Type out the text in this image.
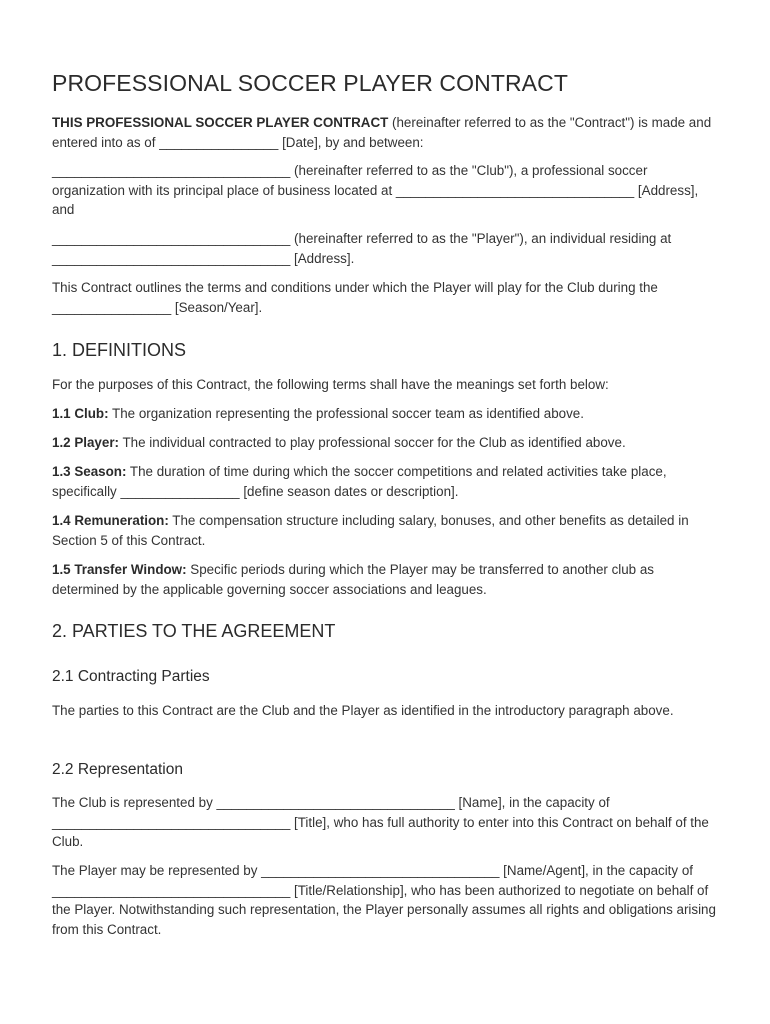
PROFESSIONAL SOCCER PLAYER CONTRACT

THIS PROFESSIONAL SOCCER PLAYER CONTRACT (hereinafter referred to as the "Contract") is made and entered into as of ________________ [Date], by and between:

________________________________ (hereinafter referred to as the "Club"), a professional soccer organization with its principal place of business located at ________________________________ [Address], and

________________________________ (hereinafter referred to as the "Player"), an individual residing at ________________________________ [Address].

This Contract outlines the terms and conditions under which the Player will play for the Club during the ________________ [Season/Year].

1. DEFINITIONS

For the purposes of this Contract, the following terms shall have the meanings set forth below:

1.1 Club: The organization representing the professional soccer team as identified above.

1.2 Player: The individual contracted to play professional soccer for the Club as identified above.

1.3 Season: The duration of time during which the soccer competitions and related activities take place, specifically ________________ [define season dates or description].

1.4 Remuneration: The compensation structure including salary, bonuses, and other benefits as detailed in Section 5 of this Contract.

1.5 Transfer Window: Specific periods during which the Player may be transferred to another club as determined by the applicable governing soccer associations and leagues.

2. PARTIES TO THE AGREEMENT
2.1 Contracting Parties

The parties to this Contract are the Club and the Player as identified in the introductory paragraph above.

2.2 Representation

The Club is represented by ________________________________ [Name], in the capacity of ________________________________ [Title], who has full authority to enter into this Contract on behalf of the Club.

The Player may be represented by ________________________________ [Name/Agent], in the capacity of ________________________________ [Title/Relationship], who has been authorized to negotiate on behalf of the Player. Notwithstanding such representation, the Player personally assumes all rights and obligations arising from this Contract.
